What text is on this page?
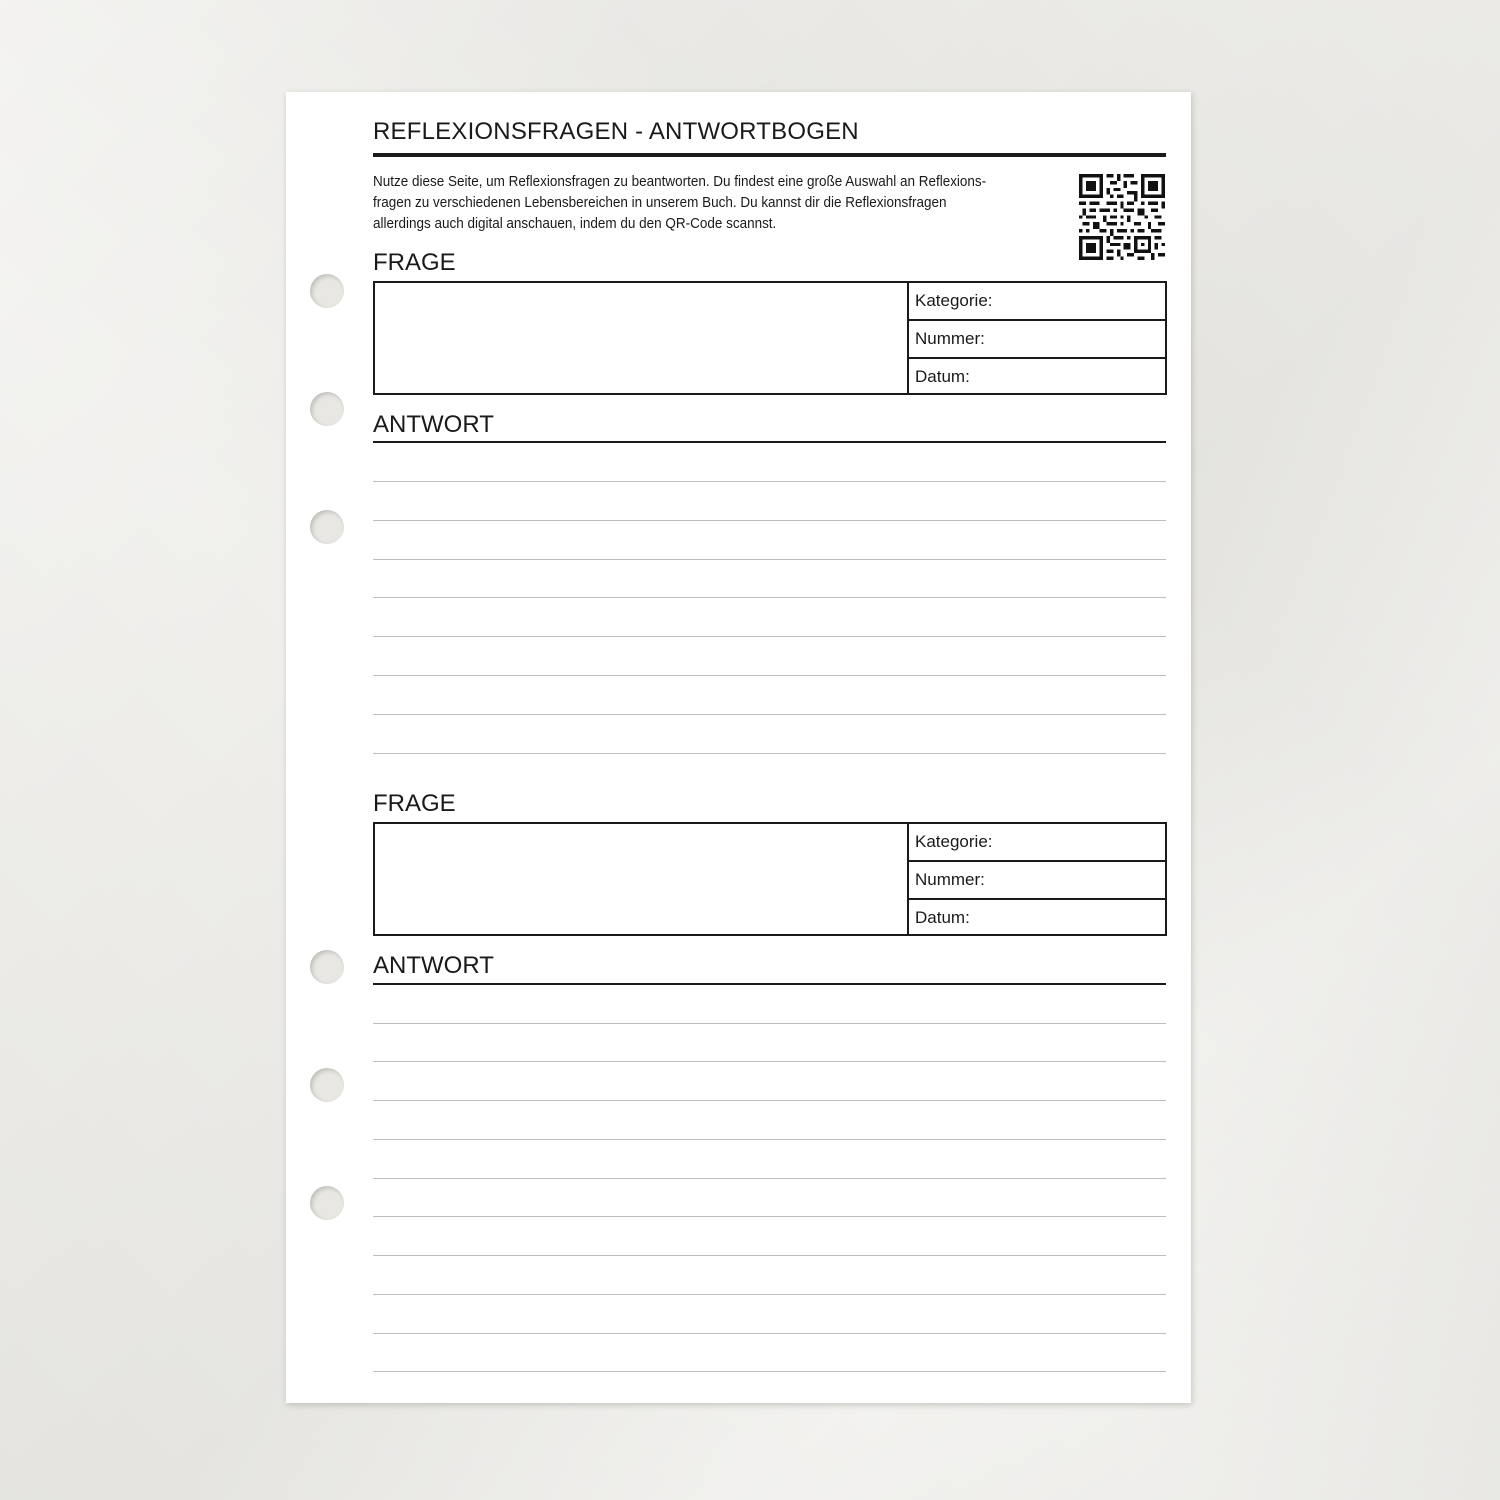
REFLEXIONSFRAGEN - ANTWORTBOGEN
Nutze diese Seite, um Reflexionsfragen zu beantworten. Du findest eine große Auswahl an Reflexions-
fragen zu verschiedenen Lebensbereichen in unserem Buch. Du kannst dir die Reflexionsfragen
allerdings auch digital anschauen, indem du den QR-Code scannst.
FRAGE
Kategorie:
Nummer:
Datum:
ANTWORT
FRAGE
Kategorie:
Nummer:
Datum:
ANTWORT
